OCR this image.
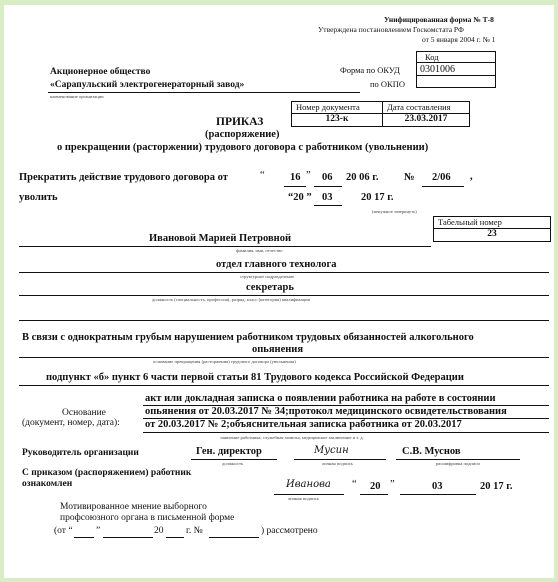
Унифицированная форма № Т-8
Утверждена постановлением Госкомстата РФ
от 5 января 2004 г. № 1
Код
0301006
Форма по ОКУД
по ОКПО
Акционерное общество
«Сарапульский электрогенераторный завод»
наименование организации
Номер документа	Дата составления
123-к	23.03.2017
ПРИКАЗ
(распоряжение)
о прекращении (расторжении) трудового договора с работником (увольнении)
Прекратить действие трудового договора от	“ 16 ” 06 20 06 г. № 2/06 ,
уволить	“20 ” 03	20 17 г.
(ненужное зачеркнуть)
Табельный номер
23
Ивановой Марией Петровной
фамилия, имя, отчество
отдел главного технолога
структурное подразделение
секретарь
должность (специальность, профессия), разряд, класс (категория) квалификации
В связи с однократным грубым нарушением работником трудовых обязанностей алкогольного
опьянения
основание прекращения (расторжения) трудового договора (увольнения)
подпункт «б» пункт 6 части первой статьи 81 Трудового кодекса Российской Федерации
Основание
(документ, номер, дата):
акт или докладная записка о появлении работника на работе в состоянии
опьянения от 20.03.2017 № 34;протокол медицинского освидетельствования
от 20.03.2017 № 2;объяснительная записка работника от 20.03.2017
заявление работника, служебная записка, медицинское заключение и т. д.
Руководитель организации	Ген. директор	Мусин	С.В. Муснов
должность	личная подпись	расшифровка подписи
С приказом (распоряжением) работник
ознакомлен	Иванова
личная подпись
“ 20 ”	03	20 17 г.
Мотивированное мнение выборного
профсоюзного органа в письменной форме
(от “ ”	20 г. №	) рассмотрено
